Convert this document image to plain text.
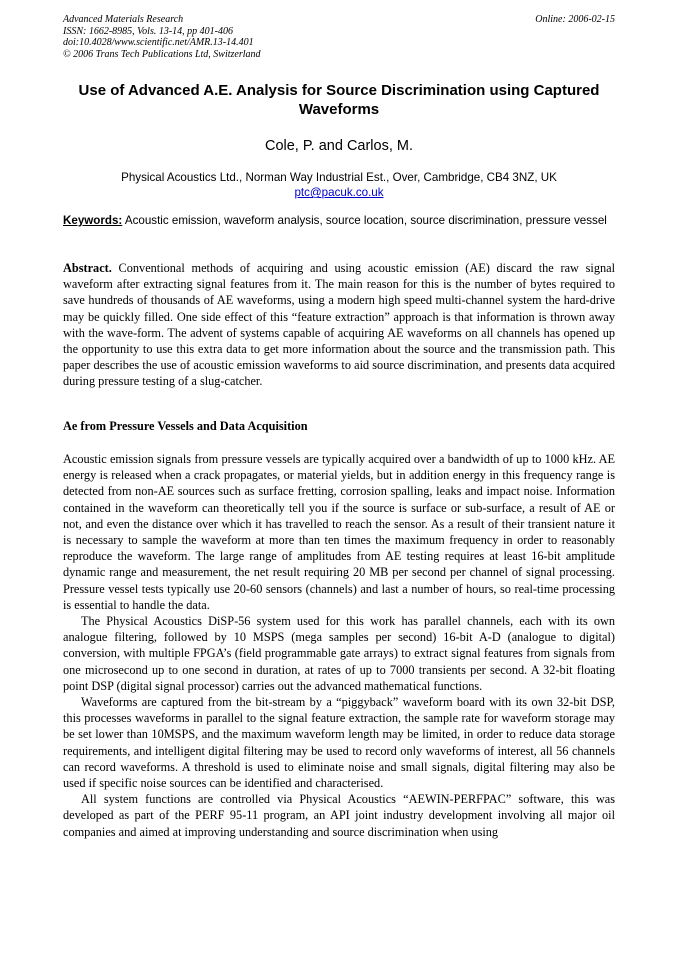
Advanced Materials Research
ISSN: 1662-8985, Vols. 13-14, pp 401-406
doi:10.4028/www.scientific.net/AMR.13-14.401
© 2006 Trans Tech Publications Ltd, Switzerland
Online: 2006-02-15
Use of Advanced A.E. Analysis for Source Discrimination using Captured Waveforms
Cole, P. and Carlos, M.
Physical Acoustics Ltd., Norman Way Industrial Est., Over, Cambridge, CB4 3NZ, UK
ptc@pacuk.co.uk
Keywords: Acoustic emission, waveform analysis, source location, source discrimination, pressure vessel
Abstract. Conventional methods of acquiring and using acoustic emission (AE) discard the raw signal waveform after extracting signal features from it. The main reason for this is the number of bytes required to save hundreds of thousands of AE waveforms, using a modern high speed multi-channel system the hard-drive may be quickly filled. One side effect of this “feature extraction” approach is that information is thrown away with the wave-form. The advent of systems capable of acquiring AE waveforms on all channels has opened up the opportunity to use this extra data to get more information about the source and the transmission path. This paper describes the use of acoustic emission waveforms to aid source discrimination, and presents data acquired during pressure testing of a slug-catcher.
Ae from Pressure Vessels and Data Acquisition

Acoustic emission signals from pressure vessels are typically acquired over a bandwidth of up to 1000 kHz. AE energy is released when a crack propagates, or material yields, but in addition energy in this frequency range is detected from non-AE sources such as surface fretting, corrosion spalling, leaks and impact noise. Information contained in the waveform can theoretically tell you if the source is surface or sub-surface, a result of AE or not, and even the distance over which it has travelled to reach the sensor. As a result of their transient nature it is necessary to sample the waveform at more than ten times the maximum frequency in order to reasonably reproduce the waveform. The large range of amplitudes from AE testing requires at least 16-bit amplitude dynamic range and measurement, the net result requiring 20 MB per second per channel of signal processing. Pressure vessel tests typically use 20-60 sensors (channels) and last a number of hours, so real-time processing is essential to handle the data.

The Physical Acoustics DiSP-56 system used for this work has parallel channels, each with its own analogue filtering, followed by 10 MSPS (mega samples per second) 16-bit A-D (analogue to digital) conversion, with multiple FPGA’s (field programmable gate arrays) to extract signal features from signals from one microsecond up to one second in duration, at rates of up to 7000 transients per second. A 32-bit floating point DSP (digital signal processor) carries out the advanced mathematical functions.

Waveforms are captured from the bit-stream by a “piggyback” waveform board with its own 32-bit DSP, this processes waveforms in parallel to the signal feature extraction, the sample rate for waveform storage may be set lower than 10MSPS, and the maximum waveform length may be limited, in order to reduce data storage requirements, and intelligent digital filtering may be used to record only waveforms of interest, all 56 channels can record waveforms. A threshold is used to eliminate noise and small signals, digital filtering may also be used if specific noise sources can be identified and characterised.

All system functions are controlled via Physical Acoustics “AEWIN-PERFPAC” software, this was developed as part of the PERF 95-11 program, an API joint industry development involving all major oil companies and aimed at improving understanding and source discrimination when using
